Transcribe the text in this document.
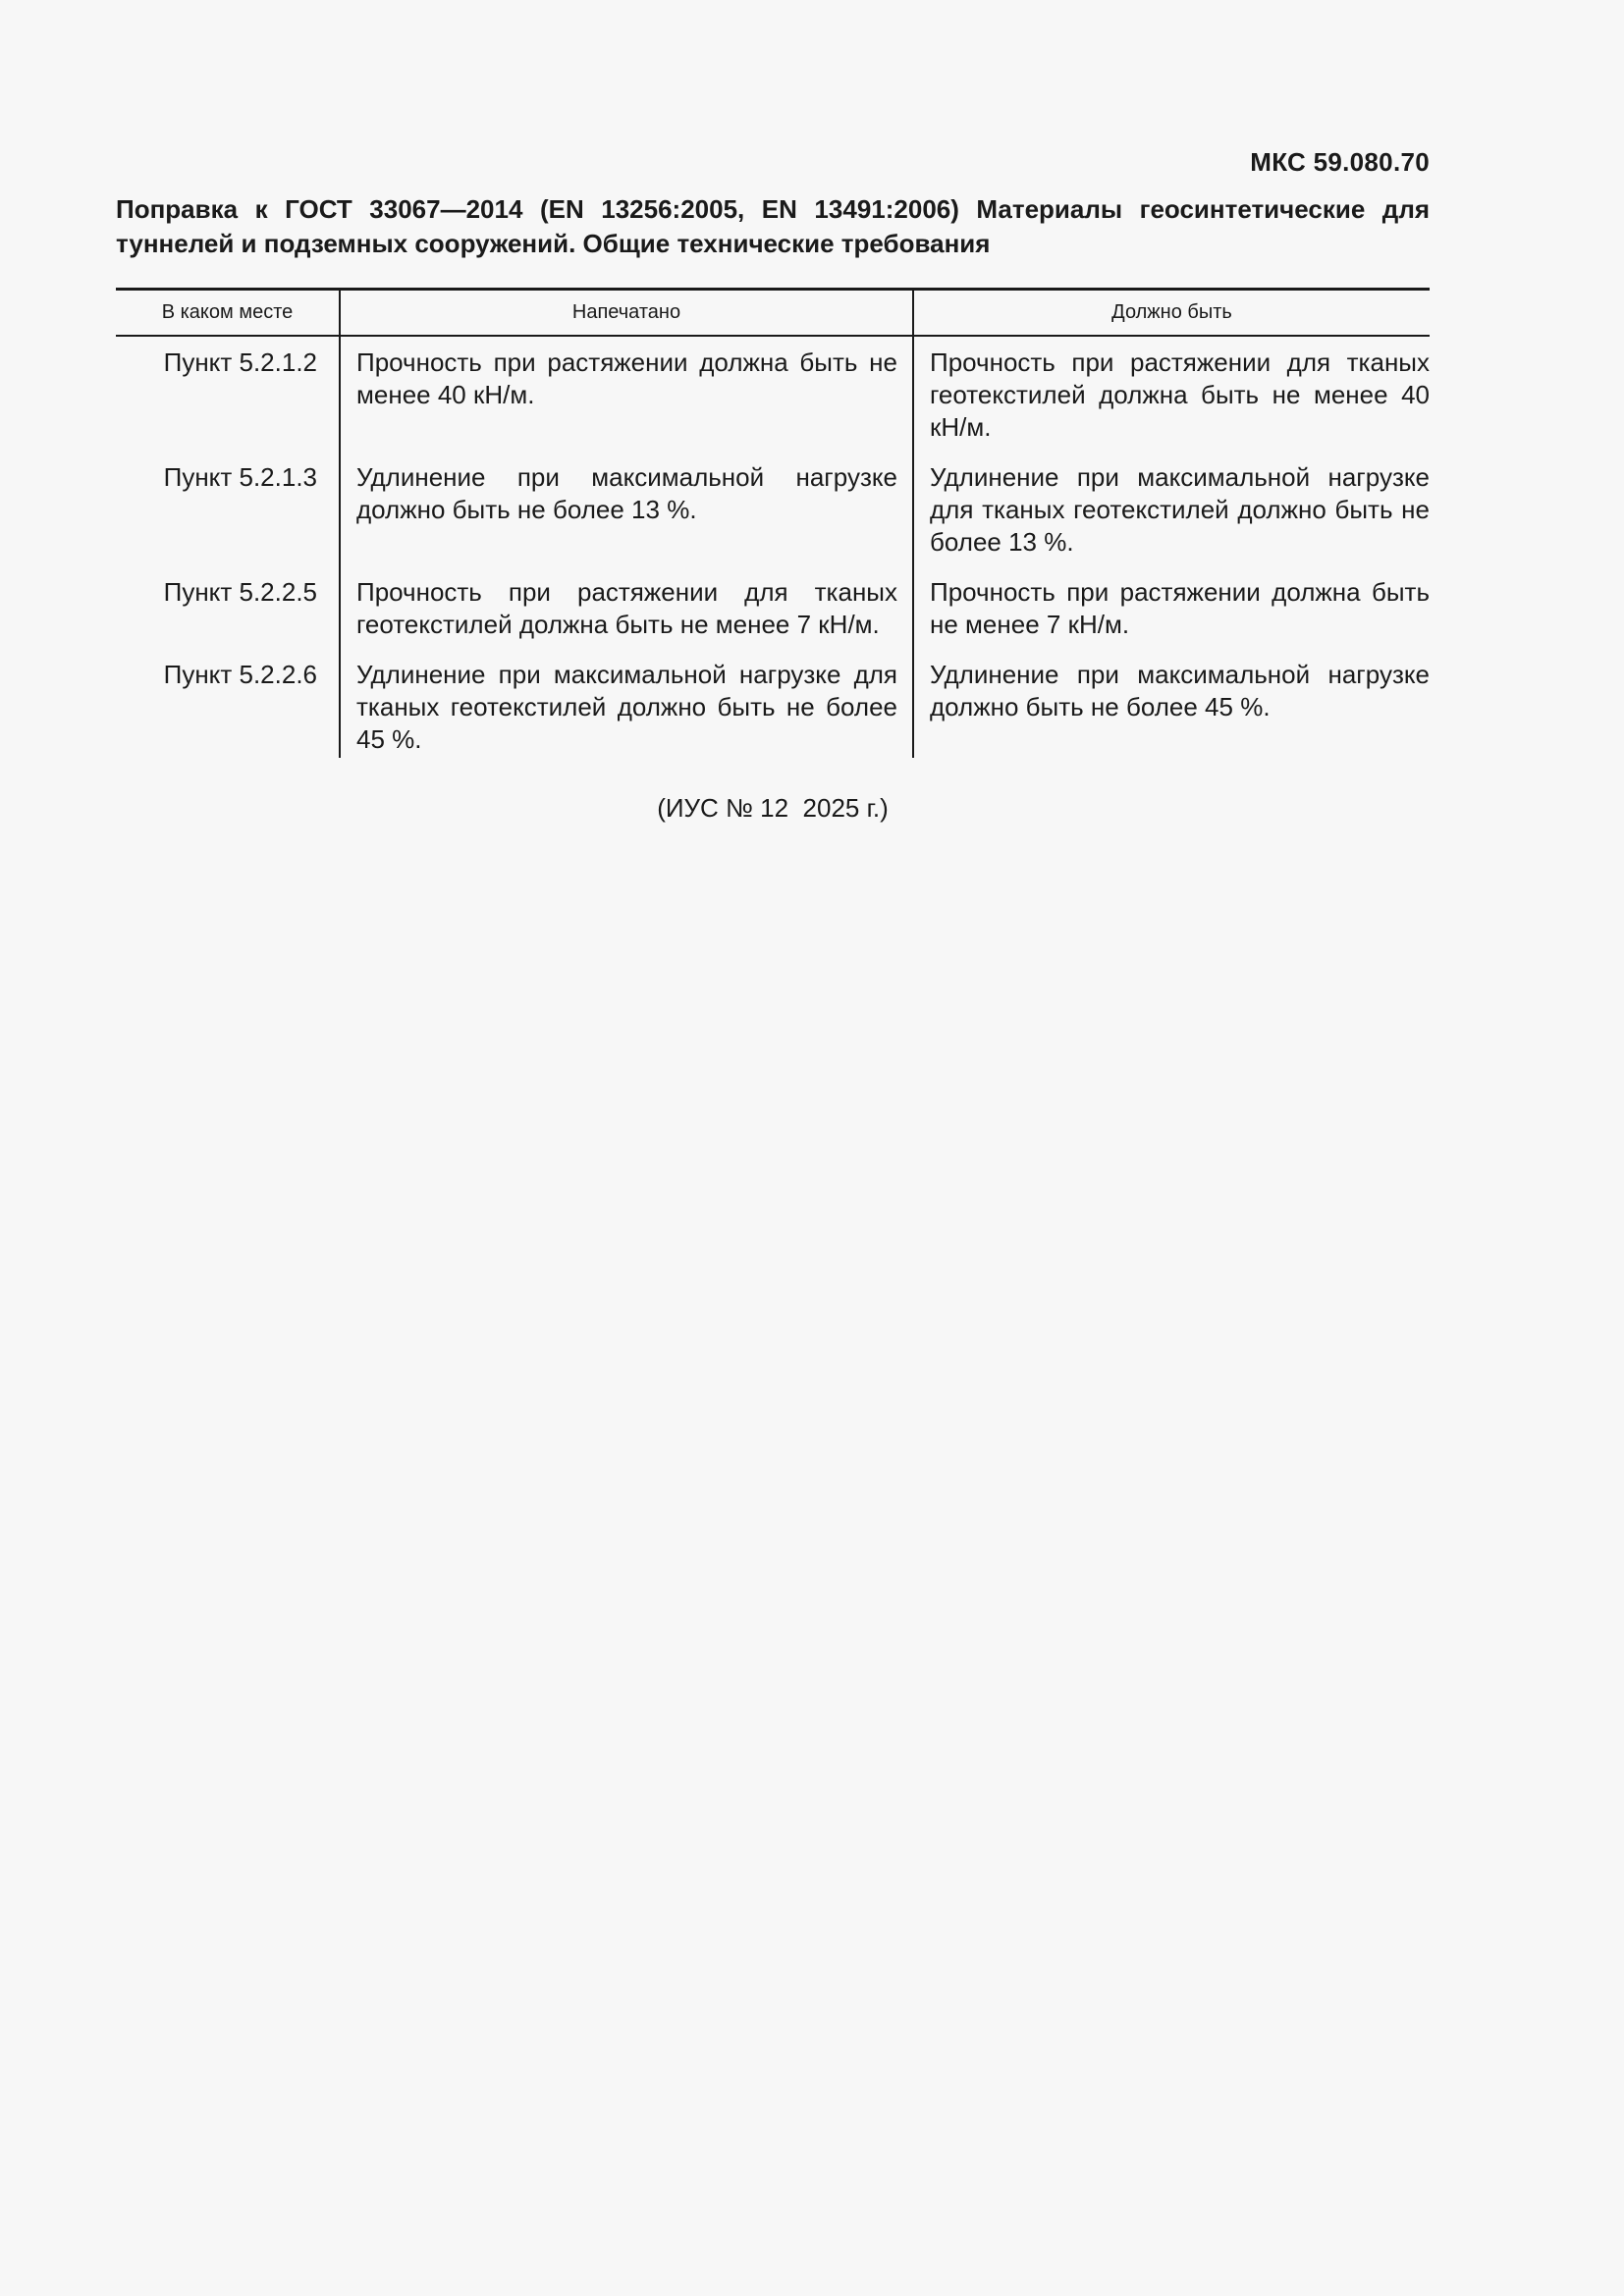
МКС 59.080.70
Поправка к ГОСТ 33067—2014 (EN 13256:2005, EN 13491:2006) Материалы геосинтетические для туннелей и подземных сооружений. Общие технические требования
В каком месте	Напечатано	Должно быть
Пункт 5.2.1.2	Прочность при растяжении должна быть не менее 40 кН/м.	Прочность при растяжении для тканых геотекстилей должна быть не менее 40 кН/м.
Пункт 5.2.1.3	Удлинение при максимальной нагрузке должно быть не более 13 %.	Удлинение при максимальной нагрузке для тканых геотекстилей должно быть не более 13 %.
Пункт 5.2.2.5	Прочность при растяжении для тканых геотекстилей должна быть не менее 7 кН/м.	Прочность при растяжении должна быть не менее 7 кН/м.
Пункт 5.2.2.6	Удлинение при максимальной нагрузке для тканых геотекстилей должно быть не более 45 %.	Удлинение при максимальной нагрузке должно быть не более 45 %.
(ИУС № 12  2025 г.)
